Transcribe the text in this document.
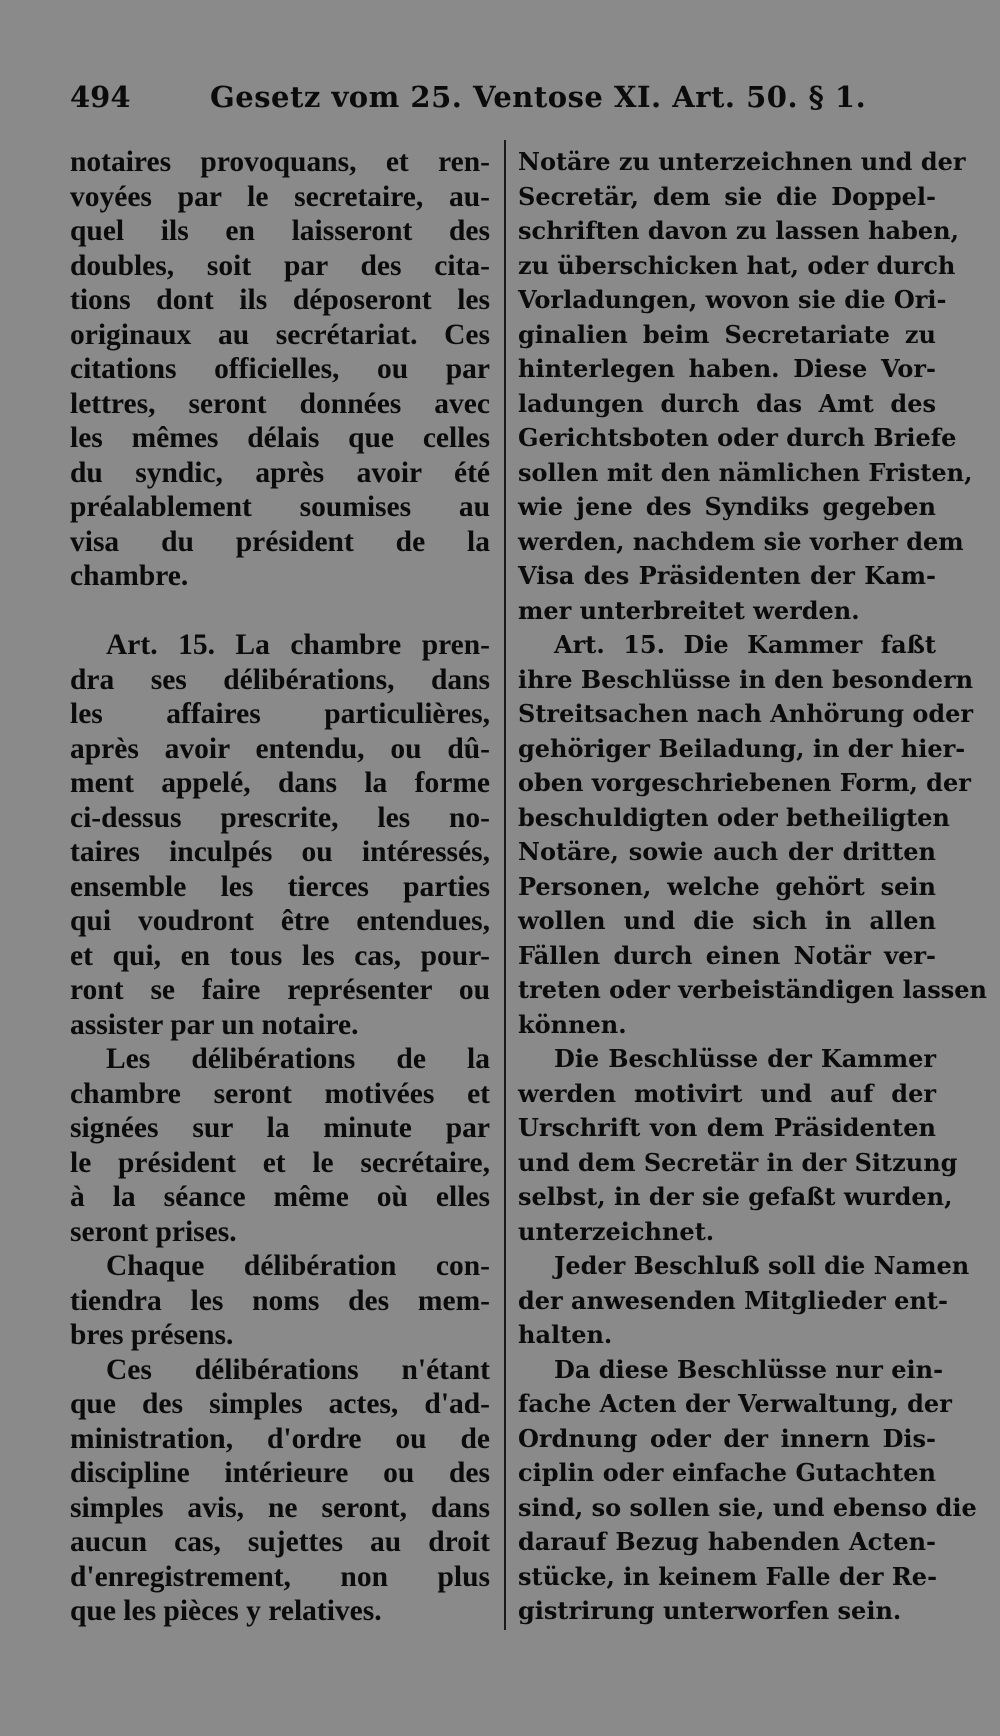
494	Gesetz vom 25. Ventose XI. Art. 50. § 1.
notaires provoquans, et ren-
voyées par le secretaire, au-
quel ils en laisseront des
doubles, soit par des cita-
tions dont ils déposeront les
originaux au secrétariat. Ces
citations officielles, ou par
lettres, seront données avec
les mêmes délais que celles
du syndic, après avoir été
préalablement soumises au
visa du président de la
chambre.
Art. 15. La chambre pren-
dra ses délibérations, dans
les affaires particulières,
après avoir entendu, ou dû-
ment appelé, dans la forme
ci-dessus prescrite, les no-
taires inculpés ou intéressés,
ensemble les tierces parties
qui voudront être entendues,
et qui, en tous les cas, pour-
ront se faire représenter ou
assister par un notaire.
Les délibérations de la
chambre seront motivées et
signées sur la minute par
le président et le secrétaire,
à la séance même où elles
seront prises.
Chaque délibération con-
tiendra les noms des mem-
bres présens.
Ces délibérations n'étant
que des simples actes, d'ad-
ministration, d'ordre ou de
discipline intérieure ou des
simples avis, ne seront, dans
aucun cas, sujettes au droit
d'enregistrement, non plus
que les pièces y relatives.
Notäre zu unterzeichnen und der
Secretär, dem sie die Doppel-
schriften davon zu lassen haben,
zu überschicken hat, oder durch
Vorladungen, wovon sie die Ori-
ginalien beim Secretariate zu
hinterlegen haben. Diese Vor-
ladungen durch das Amt des
Gerichtsboten oder durch Briefe
sollen mit den nämlichen Fristen,
wie jene des Syndiks gegeben
werden, nachdem sie vorher dem
Visa des Präsidenten der Kam-
mer unterbreitet werden.
Art. 15. Die Kammer faßt
ihre Beschlüsse in den besondern
Streitsachen nach Anhörung oder
gehöriger Beiladung, in der hier-
oben vorgeschriebenen Form, der
beschuldigten oder betheiligten
Notäre, sowie auch der dritten
Personen, welche gehört sein
wollen und die sich in allen
Fällen durch einen Notär ver-
treten oder verbeiständigen lassen
können.
Die Beschlüsse der Kammer
werden motivirt und auf der
Urschrift von dem Präsidenten
und dem Secretär in der Sitzung
selbst, in der sie gefaßt wurden,
unterzeichnet.
Jeder Beschluß soll die Namen
der anwesenden Mitglieder ent-
halten.
Da diese Beschlüsse nur ein-
fache Acten der Verwaltung, der
Ordnung oder der innern Dis-
ciplin oder einfache Gutachten
sind, so sollen sie, und ebenso die
darauf Bezug habenden Acten-
stücke, in keinem Falle der Re-
gistrirung unterworfen sein.
